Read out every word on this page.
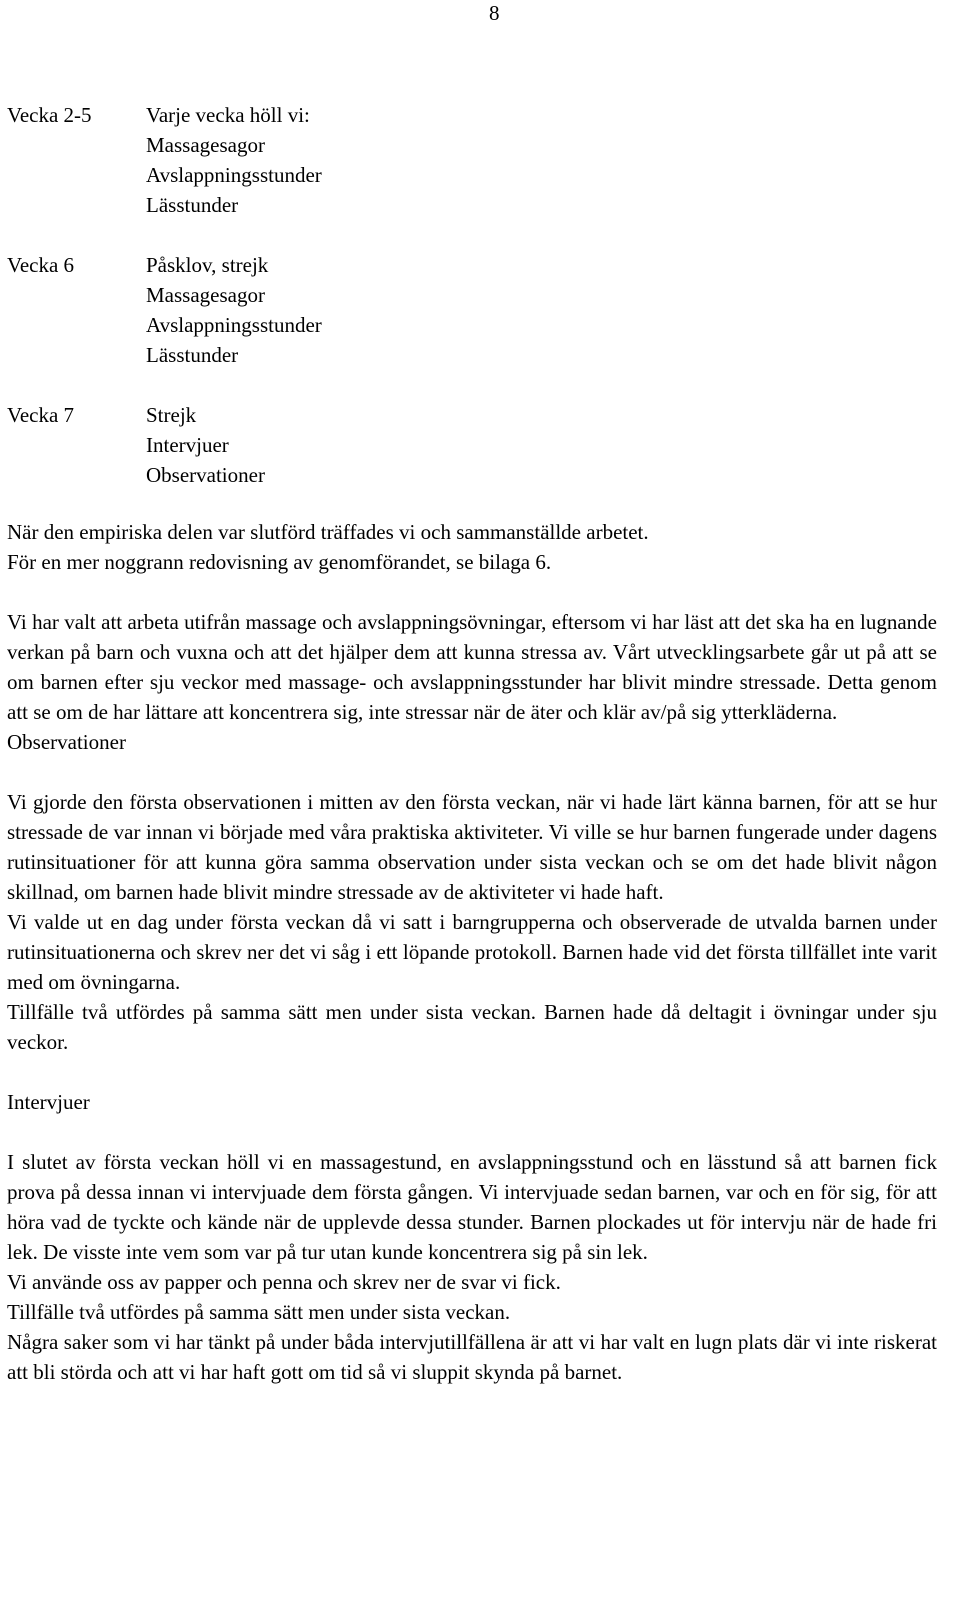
8
Vecka 2-5	Varje vecka höll vi:
Massagesagor
Avslappningsstunder
Lässtunder
Vecka 6	Påsklov, strejk
Massagesagor
Avslappningsstunder
Lässtunder
Vecka 7	Strejk
Intervjuer
Observationer

När den empiriska delen var slutförd träffades vi och sammanställde arbetet.

För en mer noggrann redovisning av genomförandet, se bilaga 6.

Vi har valt att arbeta utifrån massage och avslappningsövningar, eftersom vi har läst att det ska ha en lugnande verkan på barn och vuxna och att det hjälper dem att kunna stressa av. Vårt utvecklingsarbete går ut på att se om barnen efter sju veckor med massage- och avslappningsstunder har blivit mindre stressade. Detta genom att se om de har lättare att koncentrera sig, inte stressar när de äter och klär av/på sig ytterkläderna.

Observationer

Vi gjorde den första observationen i mitten av den första veckan, när vi hade lärt känna barnen, för att se hur stressade de var innan vi började med våra praktiska aktiviteter. Vi ville se hur barnen fungerade under dagens rutinsituationer för att kunna göra samma observation under sista veckan och se om det hade blivit någon skillnad, om barnen hade blivit mindre stressade av de aktiviteter vi hade haft.

Vi valde ut en dag under första veckan då vi satt i barngrupperna och observerade de utvalda barnen under rutinsituationerna och skrev ner det vi såg i ett löpande protokoll. Barnen hade vid det första tillfället inte varit med om övningarna.

Tillfälle två utfördes på samma sätt men under sista veckan. Barnen hade då deltagit i övningar under sju veckor.

Intervjuer

I slutet av första veckan höll vi en massagestund, en avslappningsstund och en lässtund så att barnen fick prova på dessa innan vi intervjuade dem första gången. Vi intervjuade sedan barnen, var och en för sig, för att höra vad de tyckte och kände när de upplevde dessa stunder. Barnen plockades ut för intervju när de hade fri lek. De visste inte vem som var på tur utan kunde koncentrera sig på sin lek.

Vi använde oss av papper och penna och skrev ner de svar vi fick.

Tillfälle två utfördes på samma sätt men under sista veckan.

Några saker som vi har tänkt på under båda intervjutillfällena är att vi har valt en lugn plats där vi inte riskerat att bli störda och att vi har haft gott om tid så vi sluppit skynda på barnet.
